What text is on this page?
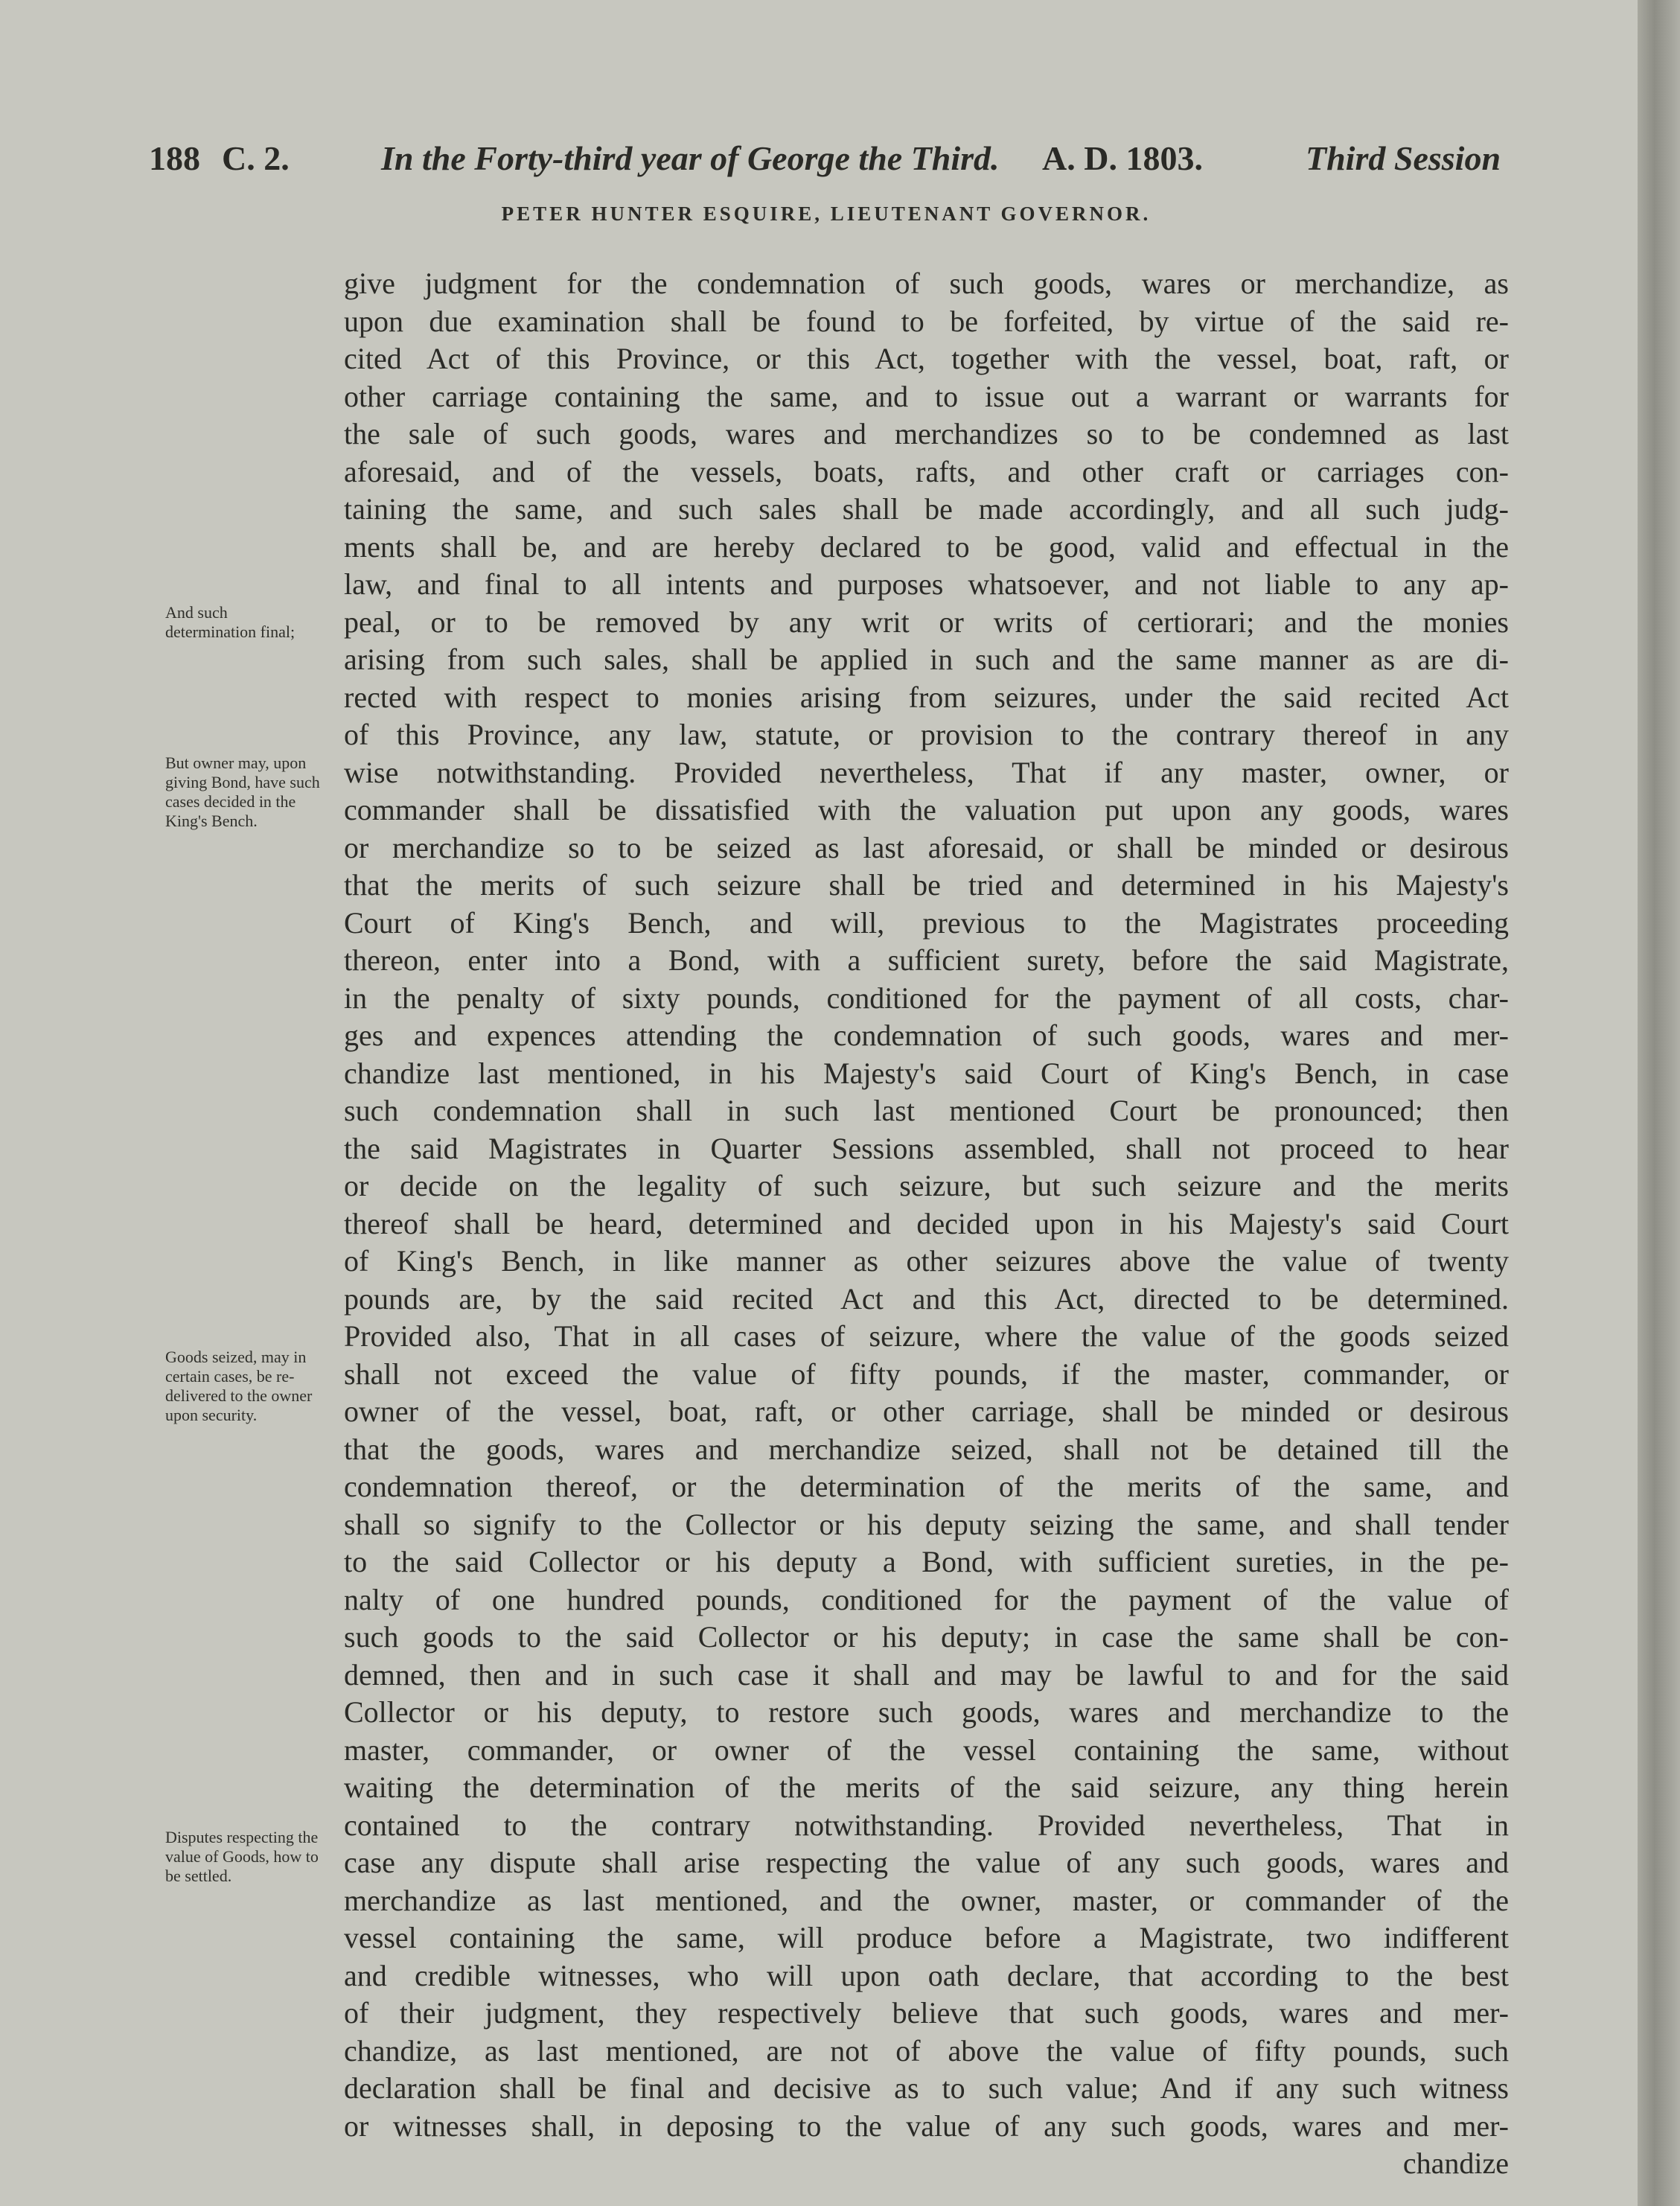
188 C. 2.	In the Forty-third year of George the Third. A. D. 1803.	Third Session
PETER HUNTER ESQUIRE, LIEUTENANT GOVERNOR.
And such determination final;
But owner may, upon giving Bond, have such cases decided in the King's Bench.
Goods seized, may in certain cases, be re-delivered to the owner upon security.
Disputes respecting the value of Goods, how to be settled.
give judgment for the condemnation of such goods, wares or merchandize, as
upon due examination shall be found to be forfeited, by virtue of the said re-
cited Act of this Province, or this Act, together with the vessel, boat, raft, or
other carriage containing the same, and to issue out a warrant or warrants for
the sale of such goods, wares and merchandizes so to be condemned as last
aforesaid, and of the vessels, boats, rafts, and other craft or carriages con-
taining the same, and such sales shall be made accordingly, and all such judg-
ments shall be, and are hereby declared to be good, valid and effectual in the
law, and final to all intents and purposes whatsoever, and not liable to any ap-
peal, or to be removed by any writ or writs of certiorari; and the monies
arising from such sales, shall be applied in such and the same manner as are di-
rected with respect to monies arising from seizures, under the said recited Act
of this Province, any law, statute, or provision to the contrary thereof in any
wise notwithstanding. Provided nevertheless, That if any master, owner, or
commander shall be dissatisfied with the valuation put upon any goods, wares
or merchandize so to be seized as last aforesaid, or shall be minded or desirous
that the merits of such seizure shall be tried and determined in his Majesty's
Court of King's Bench, and will, previous to the Magistrates proceeding
thereon, enter into a Bond, with a sufficient surety, before the said Magistrate,
in the penalty of sixty pounds, conditioned for the payment of all costs, char-
ges and expences attending the condemnation of such goods, wares and mer-
chandize last mentioned, in his Majesty's said Court of King's Bench, in case
such condemnation shall in such last mentioned Court be pronounced; then
the said Magistrates in Quarter Sessions assembled, shall not proceed to hear
or decide on the legality of such seizure, but such seizure and the merits
thereof shall be heard, determined and decided upon in his Majesty's said Court
of King's Bench, in like manner as other seizures above the value of twenty
pounds are, by the said recited Act and this Act, directed to be determined.
Provided also, That in all cases of seizure, where the value of the goods seized
shall not exceed the value of fifty pounds, if the master, commander, or
owner of the vessel, boat, raft, or other carriage, shall be minded or desirous
that the goods, wares and merchandize seized, shall not be detained till the
condemnation thereof, or the determination of the merits of the same, and
shall so signify to the Collector or his deputy seizing the same, and shall tender
to the said Collector or his deputy a Bond, with sufficient sureties, in the pe-
nalty of one hundred pounds, conditioned for the payment of the value of
such goods to the said Collector or his deputy; in case the same shall be con-
demned, then and in such case it shall and may be lawful to and for the said
Collector or his deputy, to restore such goods, wares and merchandize to the
master, commander, or owner of the vessel containing the same, without
waiting the determination of the merits of the said seizure, any thing herein
contained to the contrary notwithstanding. Provided nevertheless, That in
case any dispute shall arise respecting the value of any such goods, wares and
merchandize as last mentioned, and the owner, master, or commander of the
vessel containing the same, will produce before a Magistrate, two indifferent
and credible witnesses, who will upon oath declare, that according to the best
of their judgment, they respectively believe that such goods, wares and mer-
chandize, as last mentioned, are not of above the value of fifty pounds, such
declaration shall be final and decisive as to such value; And if any such witness
or witnesses shall, in deposing to the value of any such goods, wares and mer-
chandize
